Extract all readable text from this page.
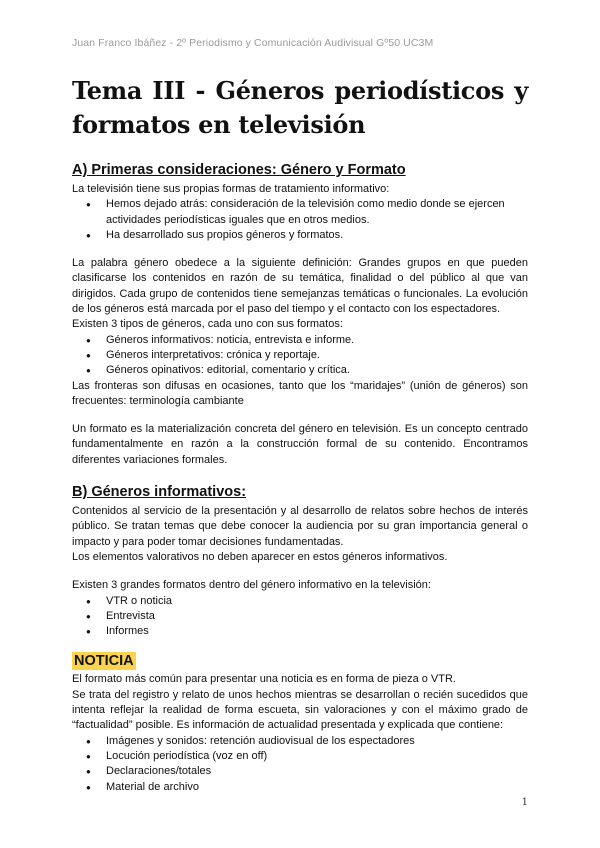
Juan Franco Ibáñez - 2º Periodismo y Comunicación Audivisual Gº50 UC3M
Tema III - Géneros periodísticos y formatos en televisión
A) Primeras consideraciones: Género y Formato

La televisión tiene sus propias formas de tratamiento informativo:

● Hemos dejado atrás: consideración de la televisión como medio donde se ejercen actividades periodísticas iguales que en otros medios.
● Ha desarrollado sus propios géneros y formatos.

La palabra género obedece a la siguiente definición: Grandes grupos en que pueden clasificarse los contenidos en razón de su temática, finalidad o del público al que van dirigidos. Cada grupo de contenidos tiene semejanzas temáticas o funcionales. La evolución de los géneros está marcada por el paso del tiempo y el contacto con los espectadores.

Existen 3 tipos de géneros, cada uno con sus formatos:

● Géneros informativos: noticia, entrevista e informe.
● Géneros interpretativos: crónica y reportaje.
● Géneros opinativos: editorial, comentario y crítica.

Las fronteras son difusas en ocasiones, tanto que los “maridajes” (unión de géneros) son frecuentes: terminología cambiante

Un formato es la materialización concreta del género en televisión. Es un concepto centrado fundamentalmente en razón a la construcción formal de su contenido. Encontramos diferentes variaciones formales.

B) Géneros informativos:

Contenidos al servicio de la presentación y al desarrollo de relatos sobre hechos de interés público. Se tratan temas que debe conocer la audiencia por su gran importancia general o impacto y para poder tomar decisiones fundamentadas.

Los elementos valorativos no deben aparecer en estos géneros informativos.

Existen 3 grandes formatos dentro del género informativo en la televisión:

● VTR o noticia
● Entrevista
● Informes
NOTICIA

El formato más común para presentar una noticia es en forma de pieza o VTR.

Se trata del registro y relato de unos hechos mientras se desarrollan o recién sucedidos que intenta reflejar la realidad de forma escueta, sin valoraciones y con el máximo grado de “factualidad” posible. Es información de actualidad presentada y explicada que contiene:

● Imágenes y sonidos: retención audiovisual de los espectadores
● Locución periodística (voz en off)
● Declaraciones/totales
● Material de archivo
1
